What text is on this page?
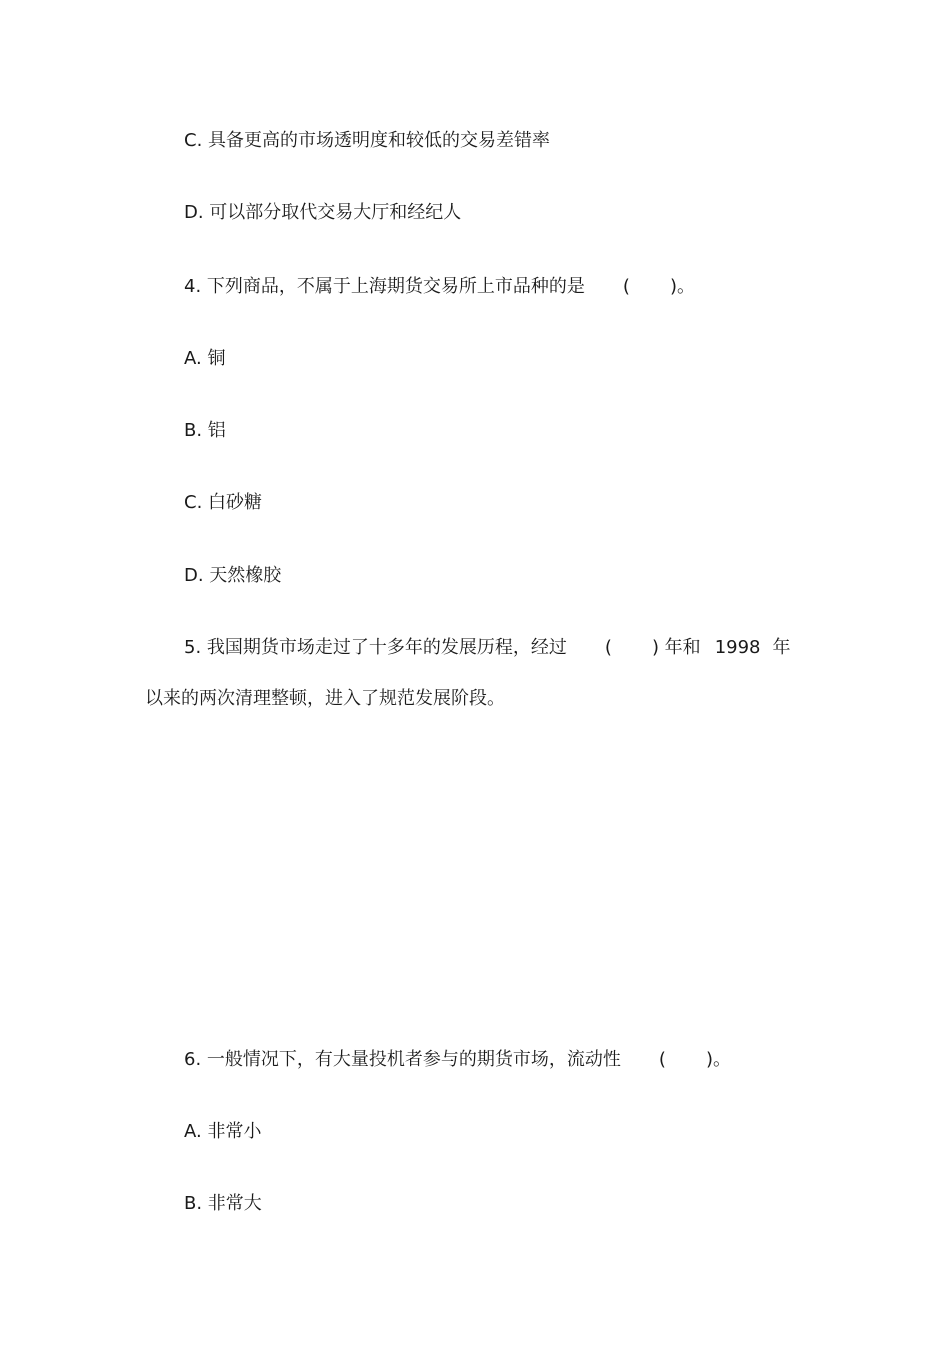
C. 具备更高的市场透明度和较低的交易差错率
D. 可以部分取代交易大厅和经纪人
4. 下列商品，不属于上海期货交易所上市品种的是 ( )。
A. 铜
B. 铝
C. 白砂糖
D. 天然橡胶
5. 我国期货市场走过了十多年的发展历程，经过 ( ) 年和 1998 年
以来的两次清理整顿，进入了规范发展阶段。
6. 一般情况下，有大量投机者参与的期货市场，流动性 ( )。
A. 非常小
B. 非常大
